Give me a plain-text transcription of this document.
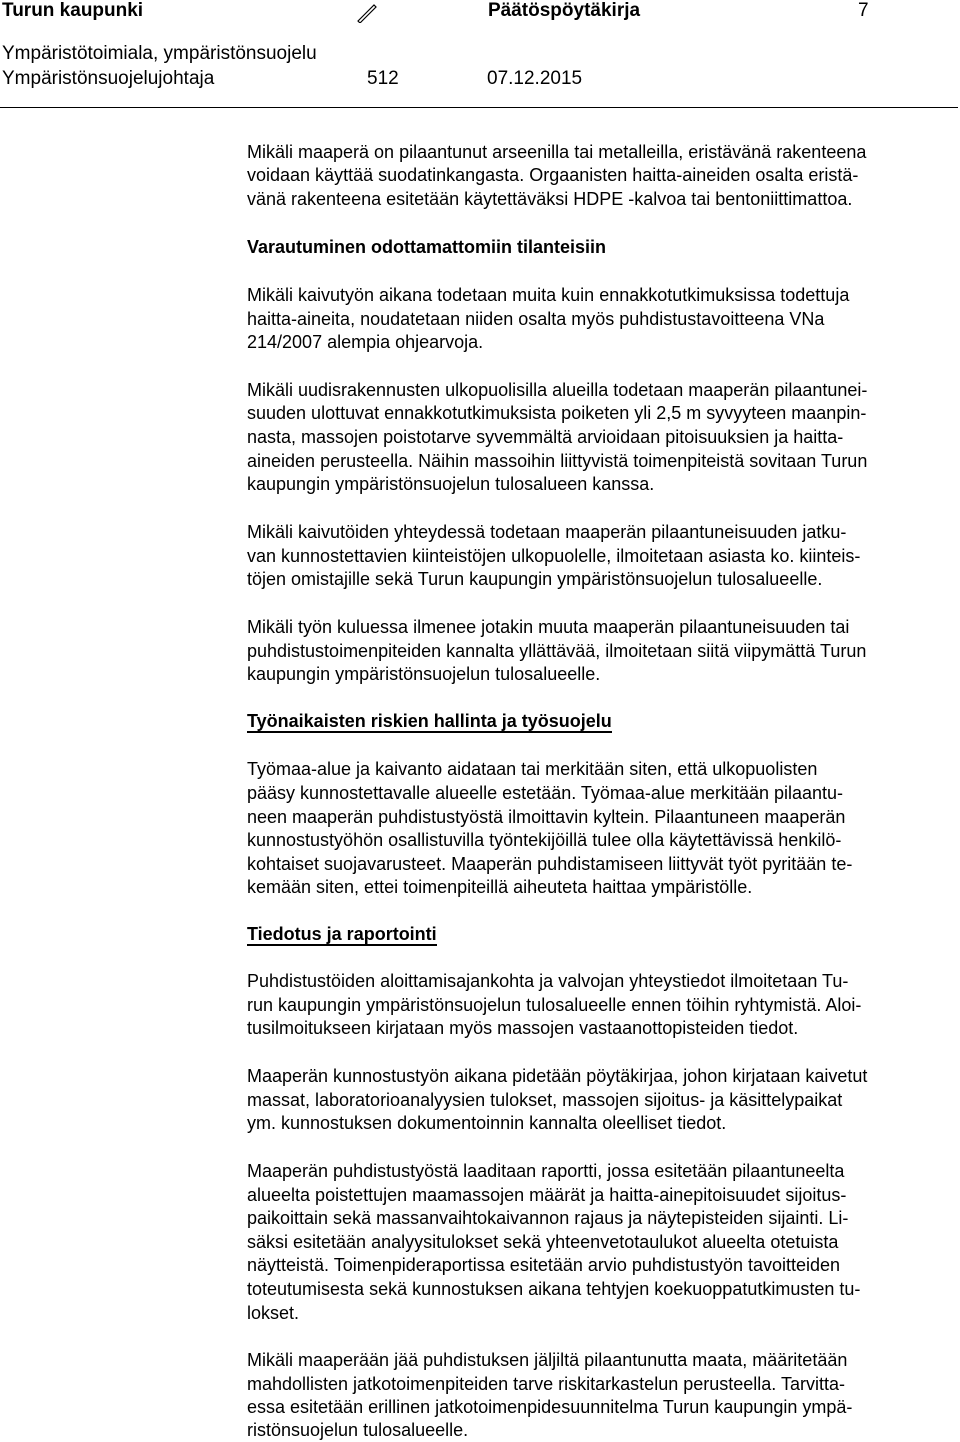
Turun kaupunki	Päätöspöytäkirja	7
Ympäristötoimiala, ympäristönsuojelu
Ympäristönsuojelujohtaja	512	07.12.2015
Mikäli maaperä on pilaantunut arseenilla tai metalleilla, eristävänä rakenteena
voidaan käyttää suodatinkangasta. Orgaanisten haitta-aineiden osalta eristä-
vänä rakenteena esitetään käytettäväksi HDPE -kalvoa tai bentoniittimattoa.
Varautuminen odottamattomiin tilanteisiin
Mikäli kaivutyön aikana todetaan muita kuin ennakkotutkimuksissa todettuja
haitta-aineita, noudatetaan niiden osalta myös puhdistustavoitteena VNa
214/2007 alempia ohjearvoja.
Mikäli uudisrakennusten ulkopuolisilla alueilla todetaan maaperän pilaantunei-
suuden ulottuvat ennakkotutkimuksista poiketen yli 2,5 m syvyyteen maanpin-
nasta, massojen poistotarve syvemmältä arvioidaan pitoisuuksien ja haitta-
aineiden perusteella. Näihin massoihin liittyvistä toimenpiteistä sovitaan Turun
kaupungin ympäristönsuojelun tulosalueen kanssa.
Mikäli kaivutöiden yhteydessä todetaan maaperän pilaantuneisuuden jatku-
van kunnostettavien kiinteistöjen ulkopuolelle, ilmoitetaan asiasta ko. kiinteis-
töjen omistajille sekä Turun kaupungin ympäristönsuojelun tulosalueelle.
Mikäli työn kuluessa ilmenee jotakin muuta maaperän pilaantuneisuuden tai
puhdistustoimenpiteiden kannalta yllättävää, ilmoitetaan siitä viipymättä Turun
kaupungin ympäristönsuojelun tulosalueelle.
Työnaikaisten riskien hallinta ja työsuojelu
Työmaa-alue ja kaivanto aidataan tai merkitään siten, että ulkopuolisten
pääsy kunnostettavalle alueelle estetään. Työmaa-alue merkitään pilaantu-
neen maaperän puhdistustyöstä ilmoittavin kyltein. Pilaantuneen maaperän
kunnostustyöhön osallistuvilla työntekijöillä tulee olla käytettävissä henkilö-
kohtaiset suojavarusteet. Maaperän puhdistamiseen liittyvät työt pyritään te-
kemään siten, ettei toimenpiteillä aiheuteta haittaa ympäristölle.
Tiedotus ja raportointi
Puhdistustöiden aloittamisajankohta ja valvojan yhteystiedot ilmoitetaan Tu-
run kaupungin ympäristönsuojelun tulosalueelle ennen töihin ryhtymistä. Aloi-
tusilmoitukseen kirjataan myös massojen vastaanottopisteiden tiedot.
Maaperän kunnostustyön aikana pidetään pöytäkirjaa, johon kirjataan kaivetut
massat, laboratorioanalyysien tulokset, massojen sijoitus- ja käsittelypaikat
ym. kunnostuksen dokumentoinnin kannalta oleelliset tiedot.
Maaperän puhdistustyöstä laaditaan raportti, jossa esitetään pilaantuneelta
alueelta poistettujen maamassojen määrät ja haitta-ainepitoisuudet sijoitus-
paikoittain sekä massanvaihtokaivannon rajaus ja näytepisteiden sijainti. Li-
säksi esitetään analyysitulokset sekä yhteenvetotaulukot alueelta otetuista
näytteistä. Toimenpideraportissa esitetään arvio puhdistustyön tavoitteiden
toteutumisesta sekä kunnostuksen aikana tehtyjen koekuoppatutkimusten tu-
lokset.
Mikäli maaperään jää puhdistuksen jäljiltä pilaantunutta maata, määritetään
mahdollisten jatkotoimenpiteiden tarve riskitarkastelun perusteella. Tarvitta-
essa esitetään erillinen jatkotoimenpidesuunnitelma Turun kaupungin ympä-
ristönsuojelun tulosalueelle.
